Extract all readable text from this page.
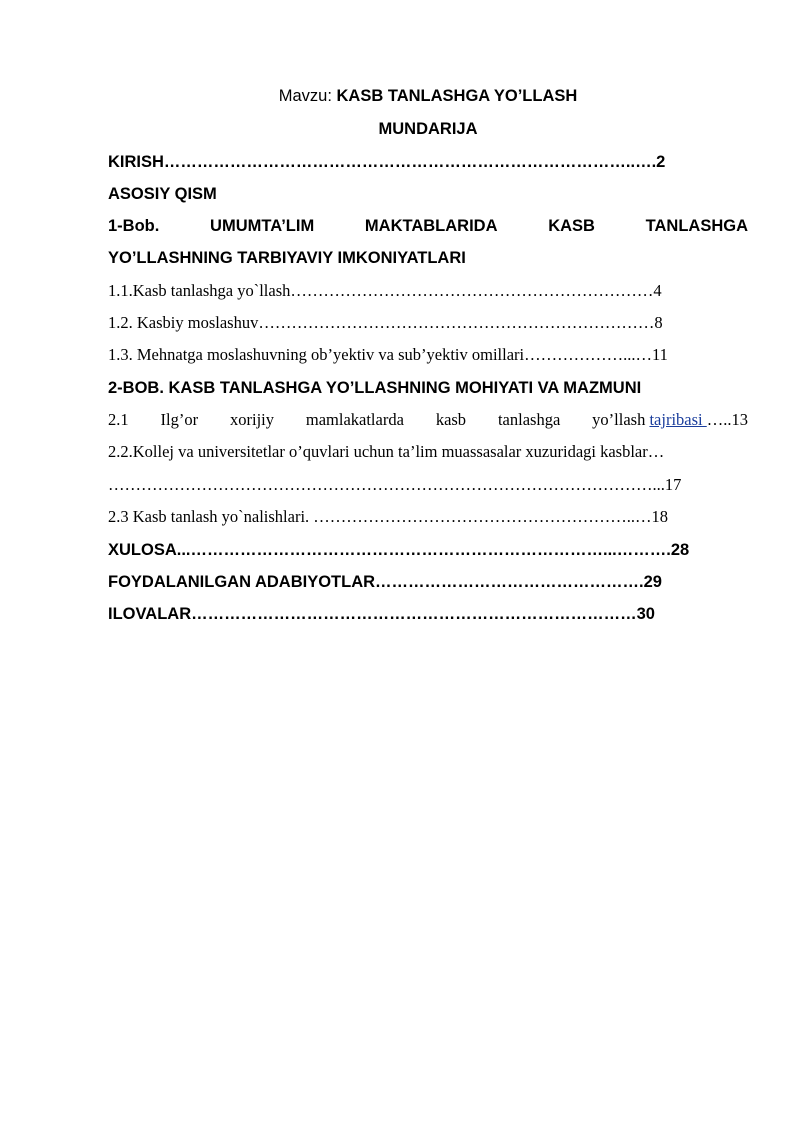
Mavzu: KASB TANLASHGA YO’LLASH
MUNDARIJA
KIRISH…………………………………………………………………………..….2
ASOSIY QISM
1-Bob.	UMUMTA’LIM	MAKTABLARIDA	KASB	TANLASHGA
YO’LLASHNING TARBIYAVIY IMKONIYATLARI
1.1.Kasb tanlashga yo`llash…………………………………………………………4
1.2. Kasbiy moslashuv………………………………………………………………8
1.3. Mehnatga moslashuvning ob’yektiv va sub’yektiv omillari………………...…11
2-BOB. KASB TANLASHGA YO’LLASHNING MOHIYATI VA MAZMUNI
2.1 Ilg’or xorijiy mamlakatlarda kasb tanlashga yo’llash tajribasi …..13
2.2.Kollej va universitetlar o’quvlari uchun ta’lim muassasalar xuzuridagi kasblar…
………………………………………………………………………………………...17
2.3 Kasb tanlash yo`nalishlari. …………………………………………………..…18
XULOSA...…………………………………………………………………...……….28
FOYDALANILGAN ADABIYOTLAR………………………………………….29
ILOVALAR………………………………………………………………………30
